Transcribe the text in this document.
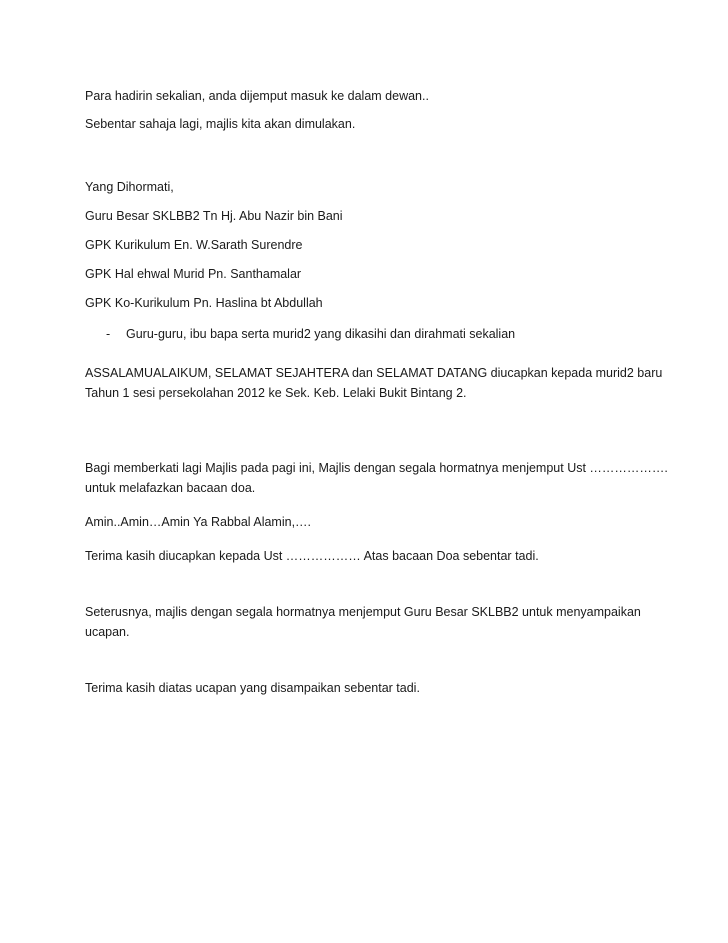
Para hadirin sekalian, anda dijemput masuk ke dalam dewan..
Sebentar sahaja lagi, majlis kita akan dimulakan.
Yang Dihormati,
Guru Besar SKLBB2 Tn Hj. Abu Nazir bin Bani
GPK Kurikulum En. W.Sarath Surendre
GPK Hal ehwal Murid Pn. Santhamalar
GPK Ko-Kurikulum Pn. Haslina bt Abdullah
- Guru-guru, ibu bapa serta murid2 yang dikasihi dan dirahmati sekalian
ASSALAMUALAIKUM, SELAMAT SEJAHTERA dan SELAMAT DATANG diucapkan kepada murid2 baru
Tahun 1 sesi persekolahan 2012 ke Sek. Keb. Lelaki Bukit Bintang 2.
Bagi memberkati lagi Majlis pada pagi ini, Majlis dengan segala hormatnya menjemput Ust ……………….
untuk melafazkan bacaan doa.
Amin..Amin…Amin Ya Rabbal Alamin,….
Terima kasih diucapkan kepada Ust ……………… Atas bacaan Doa sebentar tadi.
Seterusnya, majlis dengan segala hormatnya menjemput Guru Besar SKLBB2 untuk menyampaikan
ucapan.
Terima kasih diatas ucapan yang disampaikan sebentar tadi.
